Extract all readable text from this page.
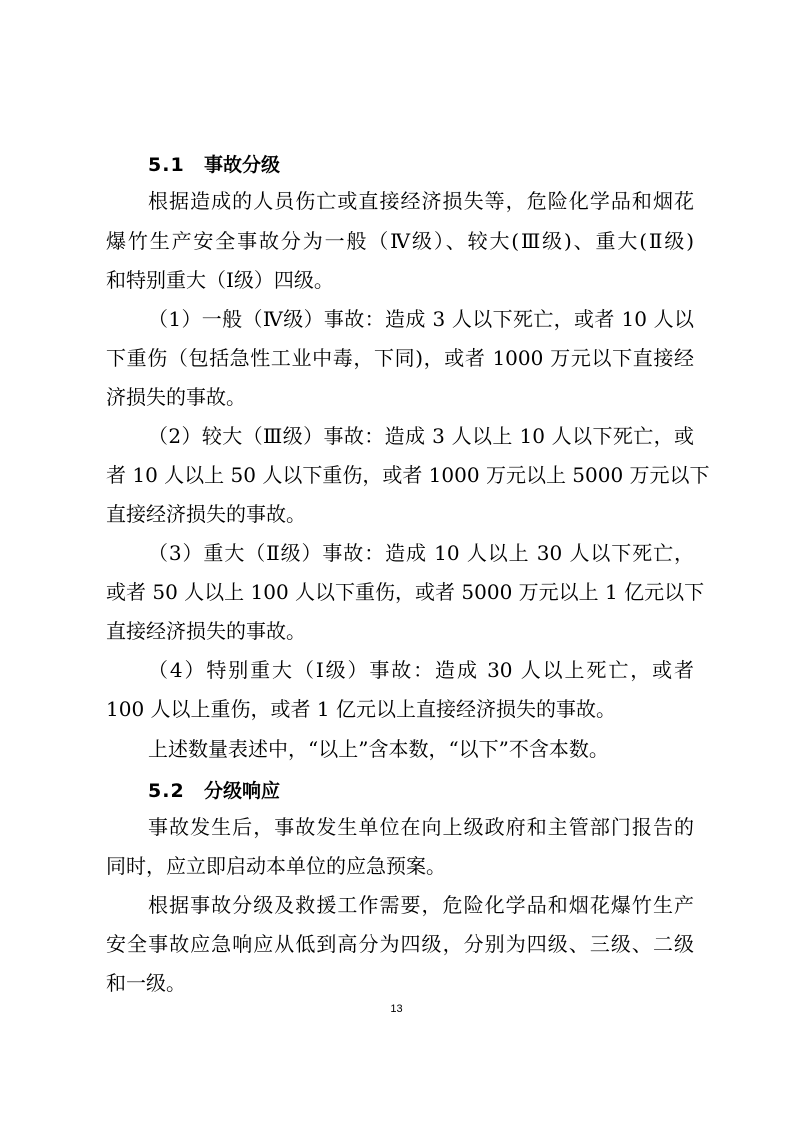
5.1 事故分级
根据造成的人员伤亡或直接经济损失等，危险化学品和烟花
爆竹生产安全事故分为一般（Ⅳ级）、较大(Ⅲ级)、重大(Ⅱ级)
和特别重大（Ⅰ级）四级。
（1）一般（Ⅳ级）事故：造成 3 人以下死亡，或者 10 人以
下重伤（包括急性工业中毒，下同)，或者 1000 万元以下直接经
济损失的事故。
（2）较大（Ⅲ级）事故：造成 3 人以上 10 人以下死亡，或
者 10 人以上 50 人以下重伤，或者 1000 万元以上 5000 万元以下
直接经济损失的事故。
（3）重大（Ⅱ级）事故：造成 10 人以上 30 人以下死亡，
或者 50 人以上 100 人以下重伤，或者 5000 万元以上 1 亿元以下
直接经济损失的事故。
（4）特别重大（Ⅰ级）事故：造成 30 人以上死亡，或者
100 人以上重伤，或者 1 亿元以上直接经济损失的事故。
上述数量表述中，“以上”含本数，“以下”不含本数。
5.2 分级响应
事故发生后，事故发生单位在向上级政府和主管部门报告的
同时，应立即启动本单位的应急预案。
根据事故分级及救援工作需要，危险化学品和烟花爆竹生产
安全事故应急响应从低到高分为四级，分别为四级、三级、二级
和一级。
13
